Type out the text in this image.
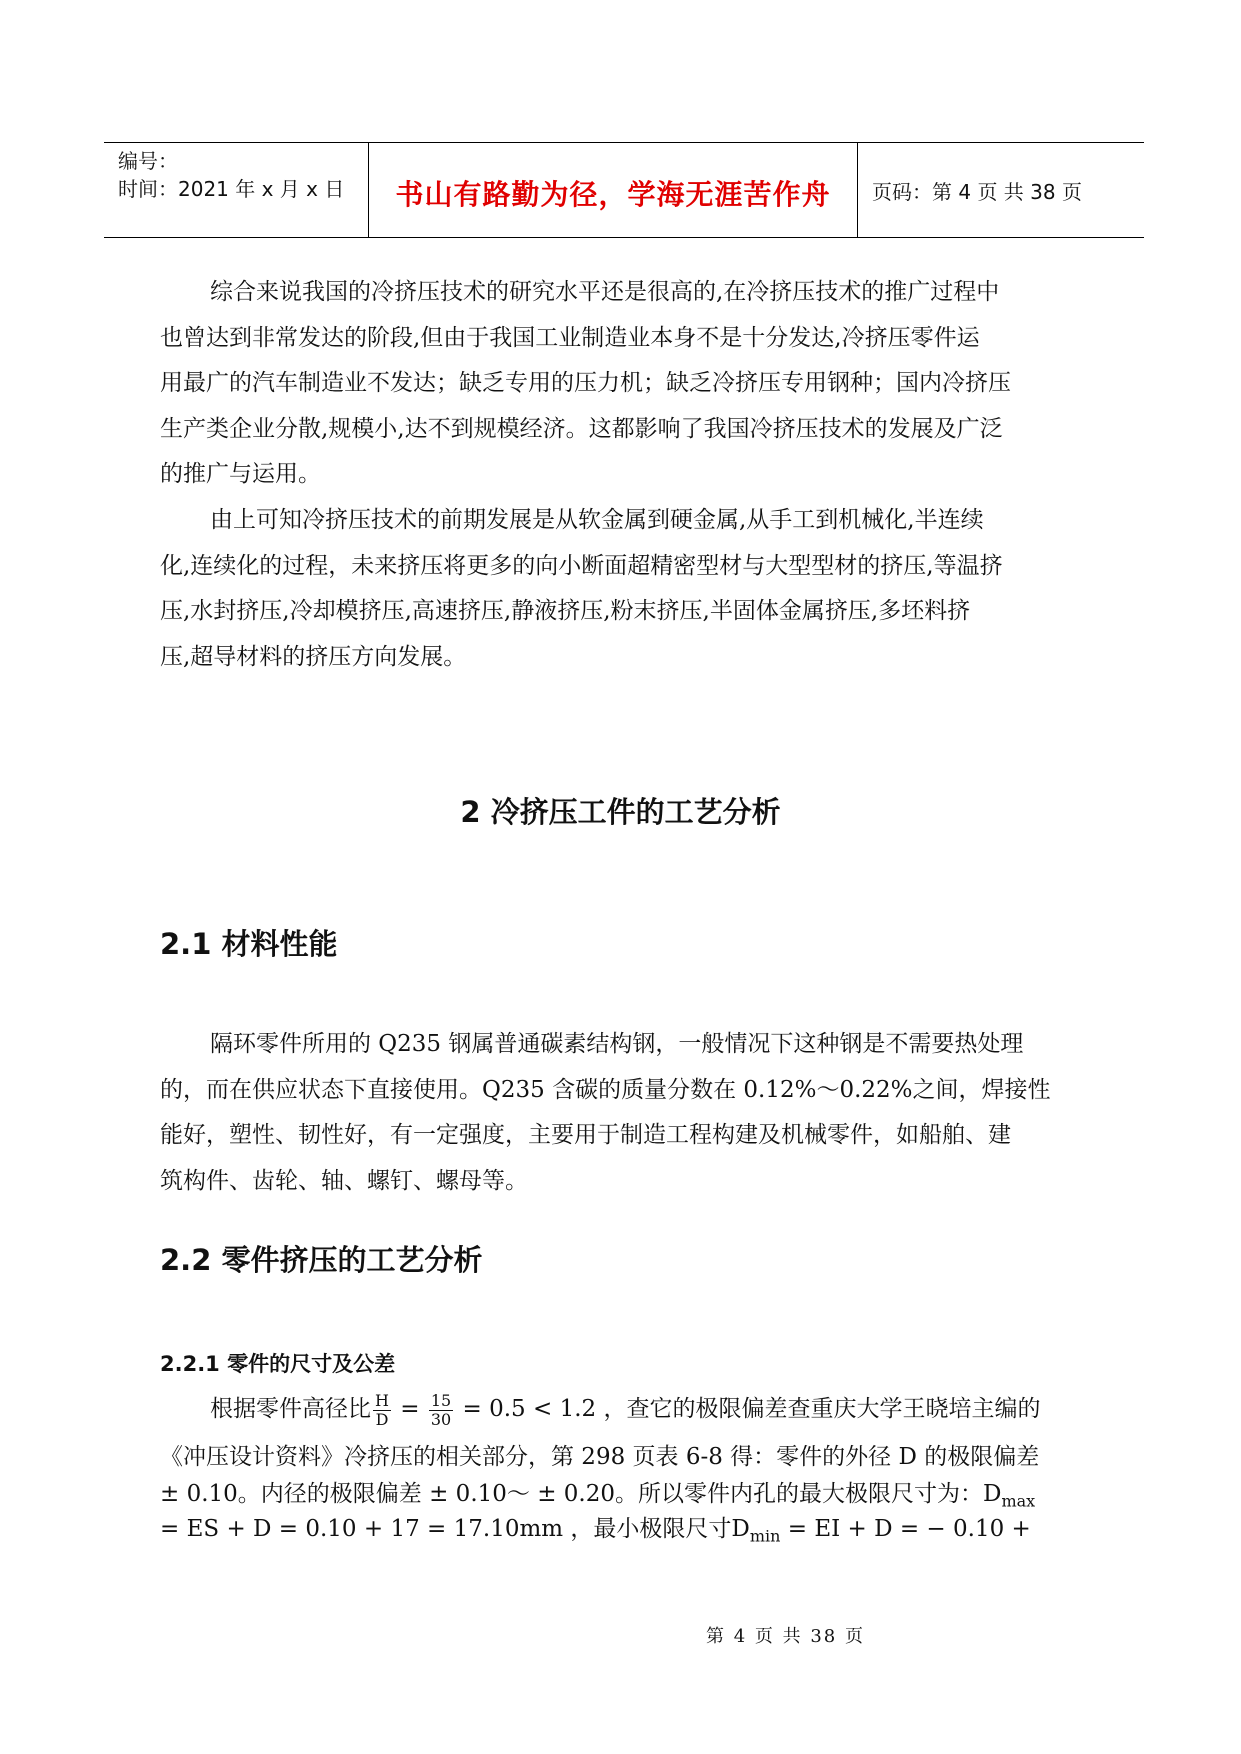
编号：
时间：2021 年 x 月 x 日	书山有路勤为径，学海无涯苦作舟	页码：第 4 页 共 38 页
综合来说我国的冷挤压技术的研究水平还是很高的,在冷挤压技术的推广过程中
也曾达到非常发达的阶段,但由于我国工业制造业本身不是十分发达,冷挤压零件运
用最广的汽车制造业不发达；缺乏专用的压力机；缺乏冷挤压专用钢种；国内冷挤压
生产类企业分散,规模小,达不到规模经济。这都影响了我国冷挤压技术的发展及广泛
的推广与运用。
由上可知冷挤压技术的前期发展是从软金属到硬金属,从手工到机械化,半连续
化,连续化的过程，未来挤压将更多的向小断面超精密型材与大型型材的挤压,等温挤
压,水封挤压,冷却模挤压,高速挤压,静液挤压,粉末挤压,半固体金属挤压,多坯料挤
压,超导材料的挤压方向发展。
2 冷挤压工件的工艺分析
2.1 材料性能
隔环零件所用的 Q235 钢属普通碳素结构钢，一般情况下这种钢是不需要热处理
的，而在供应状态下直接使用。Q235 含碳的质量分数在 0.12%～0.22%之间，焊接性
能好，塑性、韧性好，有一定强度，主要用于制造工程构建及机械零件，如船舶、建
筑构件、齿轮、轴、螺钉、螺母等。
2.2 零件挤压的工艺分析
2.2.1 零件的尺寸及公差
根据零件高径比 $\frac{H}{D} = \frac{15}{30} = 0.5 < 1.2$ ，查它的极限偏差查重庆大学王晓培主编的
《冲压设计资料》冷挤压的相关部分，第 298 页表 6-8 得：零件的外径 D 的极限偏差
± 0.10。内径的极限偏差 ± 0.10～ ± 0.20。所以零件内孔的最大极限尺寸为：$D_{max}$
= ES + D = 0.10 + 17 = 17.10mm ，最小极限尺寸$D_{min}$ = EI + D = − 0.10 +
第 4 页 共 38 页
